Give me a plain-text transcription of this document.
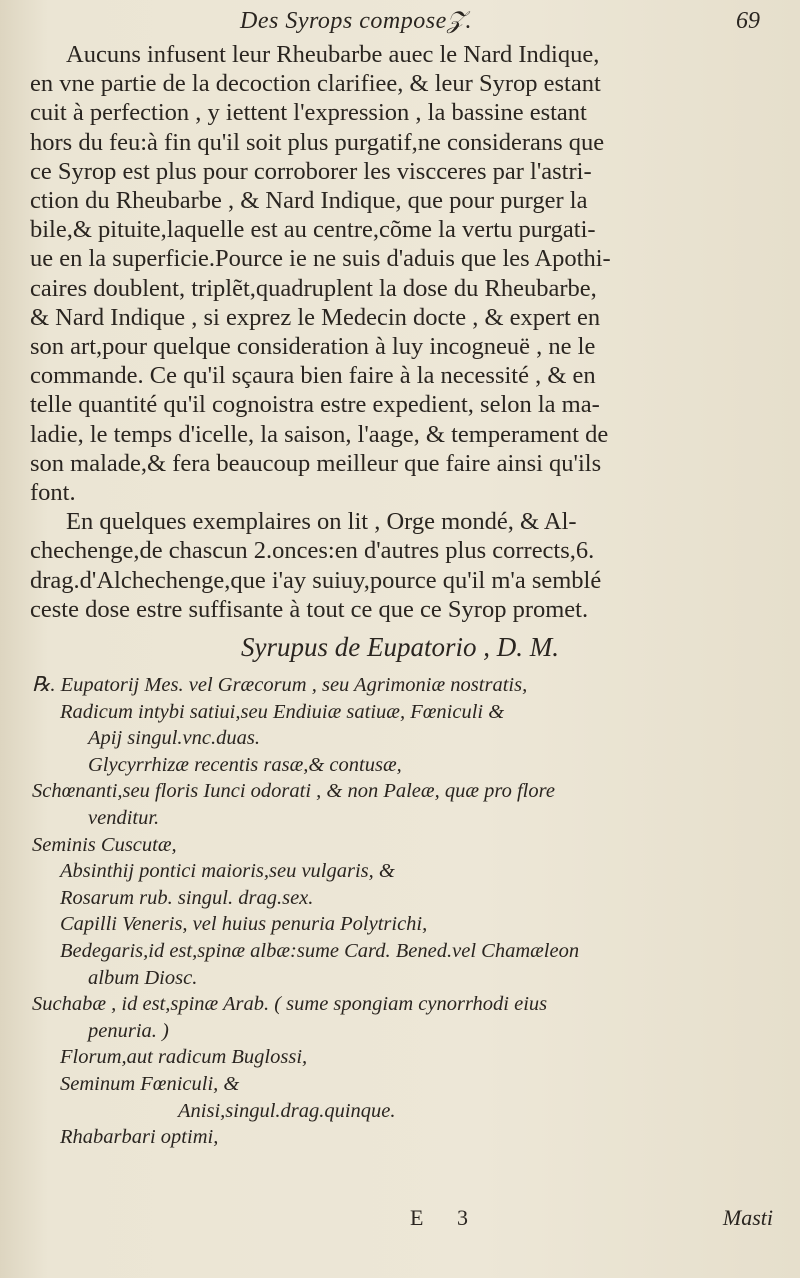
Des Syrops compose𝒵.	69
Aucuns infusent leur Rheubarbe auec le Nard Indique,
en vne partie de la decoction clarifiee, & leur Syrop estant
cuit à perfection , y iettent l'expression , la bassine estant
hors du feu:à fin qu'il soit plus purgatif,ne considerans que
ce Syrop est plus pour corroborer les viscceres par l'astri-
ction du Rheubarbe , & Nard Indique, que pour purger la
bile,& pituite,laquelle est au centre,cõme la vertu purgati-
ue en la superficie.Pource ie ne suis d'aduis que les Apothi-
caires doublent, triplẽt,quadruplent la dose du Rheubarbe,
& Nard Indique , si exprez le Medecin docte , & expert en
son art,pour quelque consideration à luy incogneuë , ne le
commande. Ce qu'il sçaura bien faire à la necessité , & en
telle quantité qu'il cognoistra estre expedient, selon la ma-
ladie, le temps d'icelle, la saison, l'aage, & temperament de
son malade,& fera beaucoup meilleur que faire ainsi qu'ils
font.
En quelques exemplaires on lit , Orge mondé, & Al-
chechenge,de chascun 2.onces:en d'autres plus corrects,6.
drag.d'Alchechenge,que i'ay suiuy,pource qu'il m'a semblé
ceste dose estre suffisante à tout ce que ce Syrop promet.
Syrupus de Eupatorio , D. M.
℞. Eupatorij Mes. vel Græcorum , seu Agrimoniæ nostratis,
Radicum intybi satiui,seu Endiuiæ satiuæ, Fœniculi &
Apij singul.vnc.duas.
Glycyrrhizæ recentis rasæ,& contusæ,
Schœnanti,seu floris Iunci odorati , & non Paleæ, quæ pro flore
venditur.
Seminis Cuscutæ,
Absinthij pontici maioris,seu vulgaris, &
Rosarum rub. singul. drag.sex.
Capilli Veneris, vel huius penuria Polytrichi,
Bedegaris,id est,spinæ albæ:sume Card. Bened.vel Chamæleon
album Diosc.
Suchabæ , id est,spinæ Arab. ( sume spongiam cynorrhodi eius
penuria. )
Florum,aut radicum Buglossi,
Seminum Fœniculi, &
Anisi,singul.drag.quinque.
Rhabarbari optimi,
E 3	Masti
